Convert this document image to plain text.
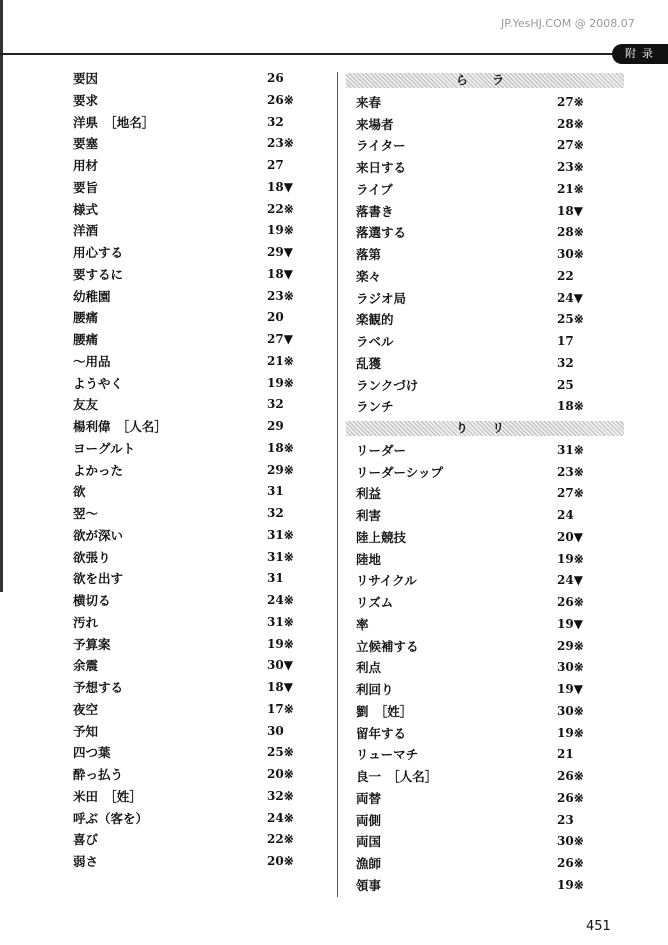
JP.YesHJ.COM @ 2008.07
附录
要因	26
要求	26※
洋県　［地名］	32
要塞	23※
用材	27
要旨	18▼
様式	22※
洋酒	19※
用心する	29▼
要するに	18▼
幼稚園	23※
腰痛	20
腰痛	27▼
～用品	21※
ようやく	19※
友友	32
楊利偉　［人名］	29
ヨーグルト	18※
よかった	29※
欲	31
翌～	32
欲が深い	31※
欲張り	31※
欲を出す	31
横切る	24※
汚れ	31※
予算案	19※
余震	30▼
予想する	18▼
夜空	17※
予知	30
四つ葉	25※
酔っ払う	20※
米田　［姓］	32※
呼ぶ（客を）	24※
喜び	22※
弱さ	20※
ら ラ
来春	27※
来場者	28※
ライター	27※
来日する	23※
ライブ	21※
落書き	18▼
落選する	28※
落第	30※
楽々	22
ラジオ局	24▼
楽観的	25※
ラベル	17
乱獲	32
ランクづけ	25
ランチ	18※
り リ
リーダー	31※
リーダーシップ	23※
利益	27※
利害	24
陸上競技	20▼
陸地	19※
リサイクル	24▼
リズム	26※
率	19▼
立候補する	29※
利点	30※
利回り	19▼
劉　［姓］	30※
留年する	19※
リューマチ	21
良一　［人名］	26※
両替	26※
両側	23
両国	30※
漁師	26※
領事	19※
451
